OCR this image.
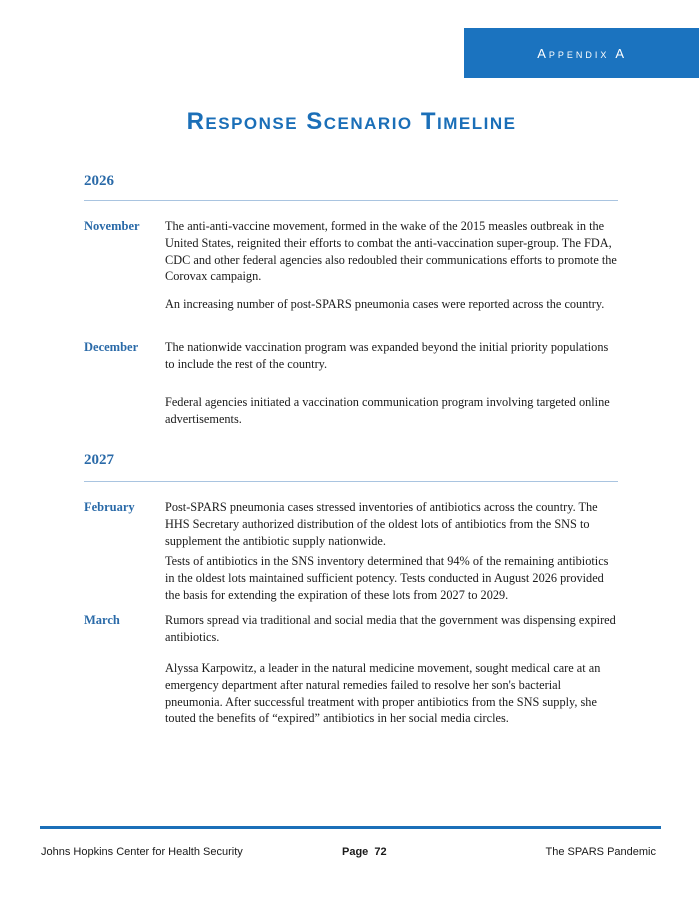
Appendix A
Response Scenario Timeline
2026
November The anti-anti-vaccine movement, formed in the wake of the 2015 measles outbreak in the United States, reignited their efforts to combat the anti-vaccination super-group. The FDA, CDC and other federal agencies also redoubled their communications efforts to promote the Corovax campaign.
An increasing number of post-SPARS pneumonia cases were reported across the country.
December The nationwide vaccination program was expanded beyond the initial priority populations to include the rest of the country.
Federal agencies initiated a vaccination communication program involving targeted online advertisements.
2027
February Post-SPARS pneumonia cases stressed inventories of antibiotics across the country. The HHS Secretary authorized distribution of the oldest lots of antibiotics from the SNS to supplement the antibiotic supply nationwide.
Tests of antibiotics in the SNS inventory determined that 94% of the remaining antibiotics in the oldest lots maintained sufficient potency. Tests conducted in August 2026 provided the basis for extending the expiration of these lots from 2027 to 2029.
March	Rumors spread via traditional and social media that the government was dispensing expired antibiotics.
Alyssa Karpowitz, a leader in the natural medicine movement, sought medical care at an emergency department after natural remedies failed to resolve her son's bacterial pneumonia. After successful treatment with proper antibiotics from the SNS supply, she touted the benefits of “expired” antibiotics in her social media circles.
Johns Hopkins Center for Health Security	Page  72	The SPARS Pandemic
